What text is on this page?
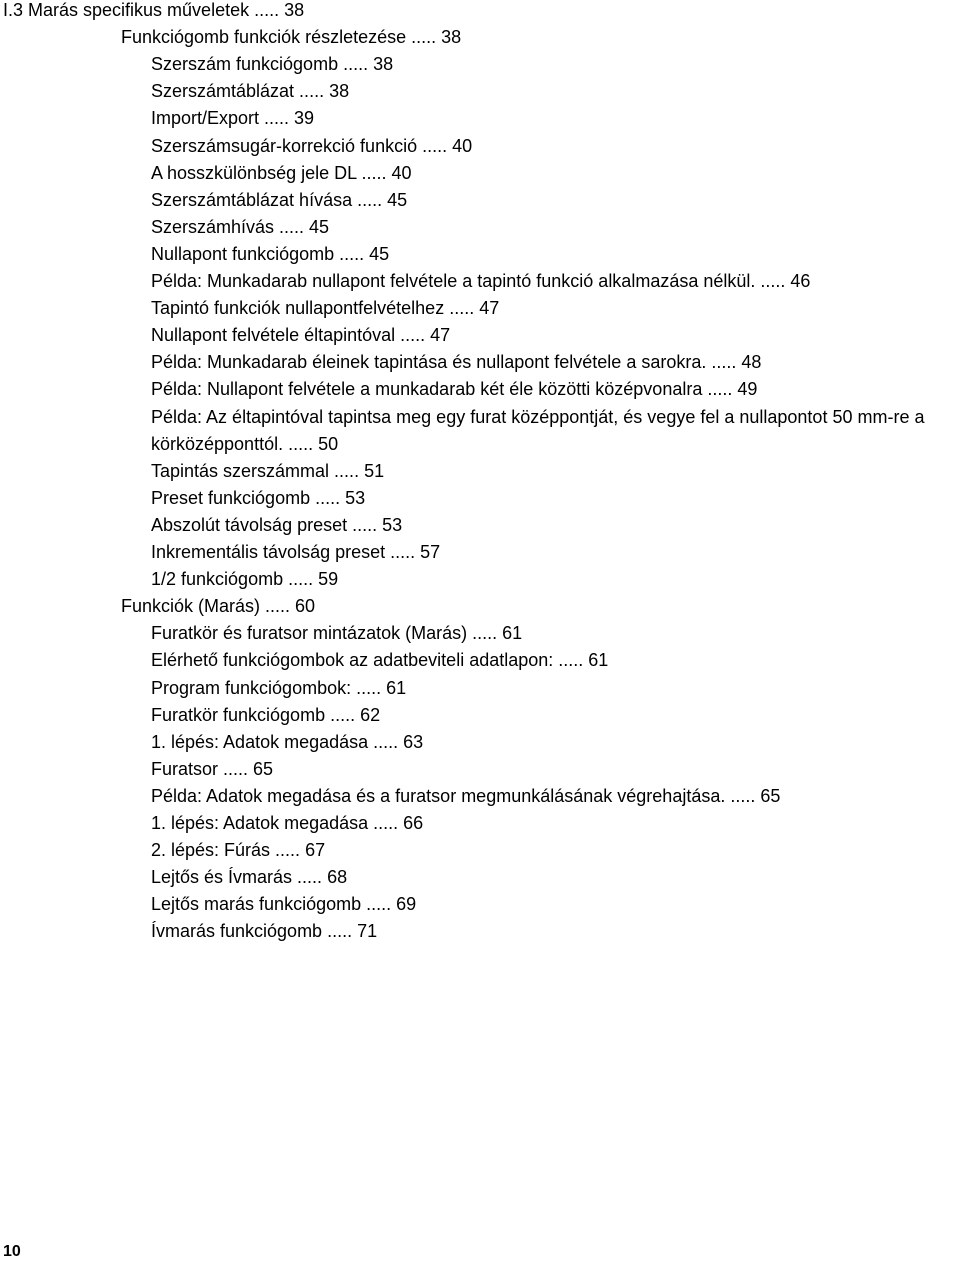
I.3 Marás specifikus műveletek ..... 38
Funkciógomb funkciók részletezése ..... 38
Szerszám funkciógomb ..... 38
Szerszámtáblázat ..... 38
Import/Export ..... 39
Szerszámsugár-korrekció funkció ..... 40
A hosszkülönbség jele DL ..... 40
Szerszámtáblázat hívása ..... 45
Szerszámhívás ..... 45
Nullapont funkciógomb ..... 45
Példa: Munkadarab nullapont felvétele a tapintó funkció alkalmazása nélkül. ..... 46
Tapintó funkciók nullapontfelvételhez ..... 47
Nullapont felvétele éltapintóval ..... 47
Példa: Munkadarab éleinek tapintása és nullapont felvétele a sarokra. ..... 48
Példa: Nullapont felvétele a munkadarab két éle közötti középvonalra ..... 49
Példa: Az éltapintóval tapintsa meg egy furat középpontját, és vegye fel a nullapontot 50 mm-re a körközépponttól. ..... 50
Tapintás szerszámmal ..... 51
Preset funkciógomb ..... 53
Abszolút távolság preset ..... 53
Inkrementális távolság preset ..... 57
1/2 funkciógomb ..... 59
Funkciók (Marás) ..... 60
Furatkör és furatsor mintázatok (Marás) ..... 61
Elérhető funkciógombok az adatbeviteli adatlapon: ..... 61
Program funkciógombok: ..... 61
Furatkör funkciógomb ..... 62
1. lépés: Adatok megadása ..... 63
Furatsor ..... 65
Példa: Adatok megadása és a furatsor megmunkálásának végrehajtása. ..... 65
1. lépés: Adatok megadása ..... 66
2. lépés: Fúrás ..... 67
Lejtős és Ívmarás ..... 68
Lejtős marás funkciógomb ..... 69
Ívmarás funkciógomb ..... 71
10
